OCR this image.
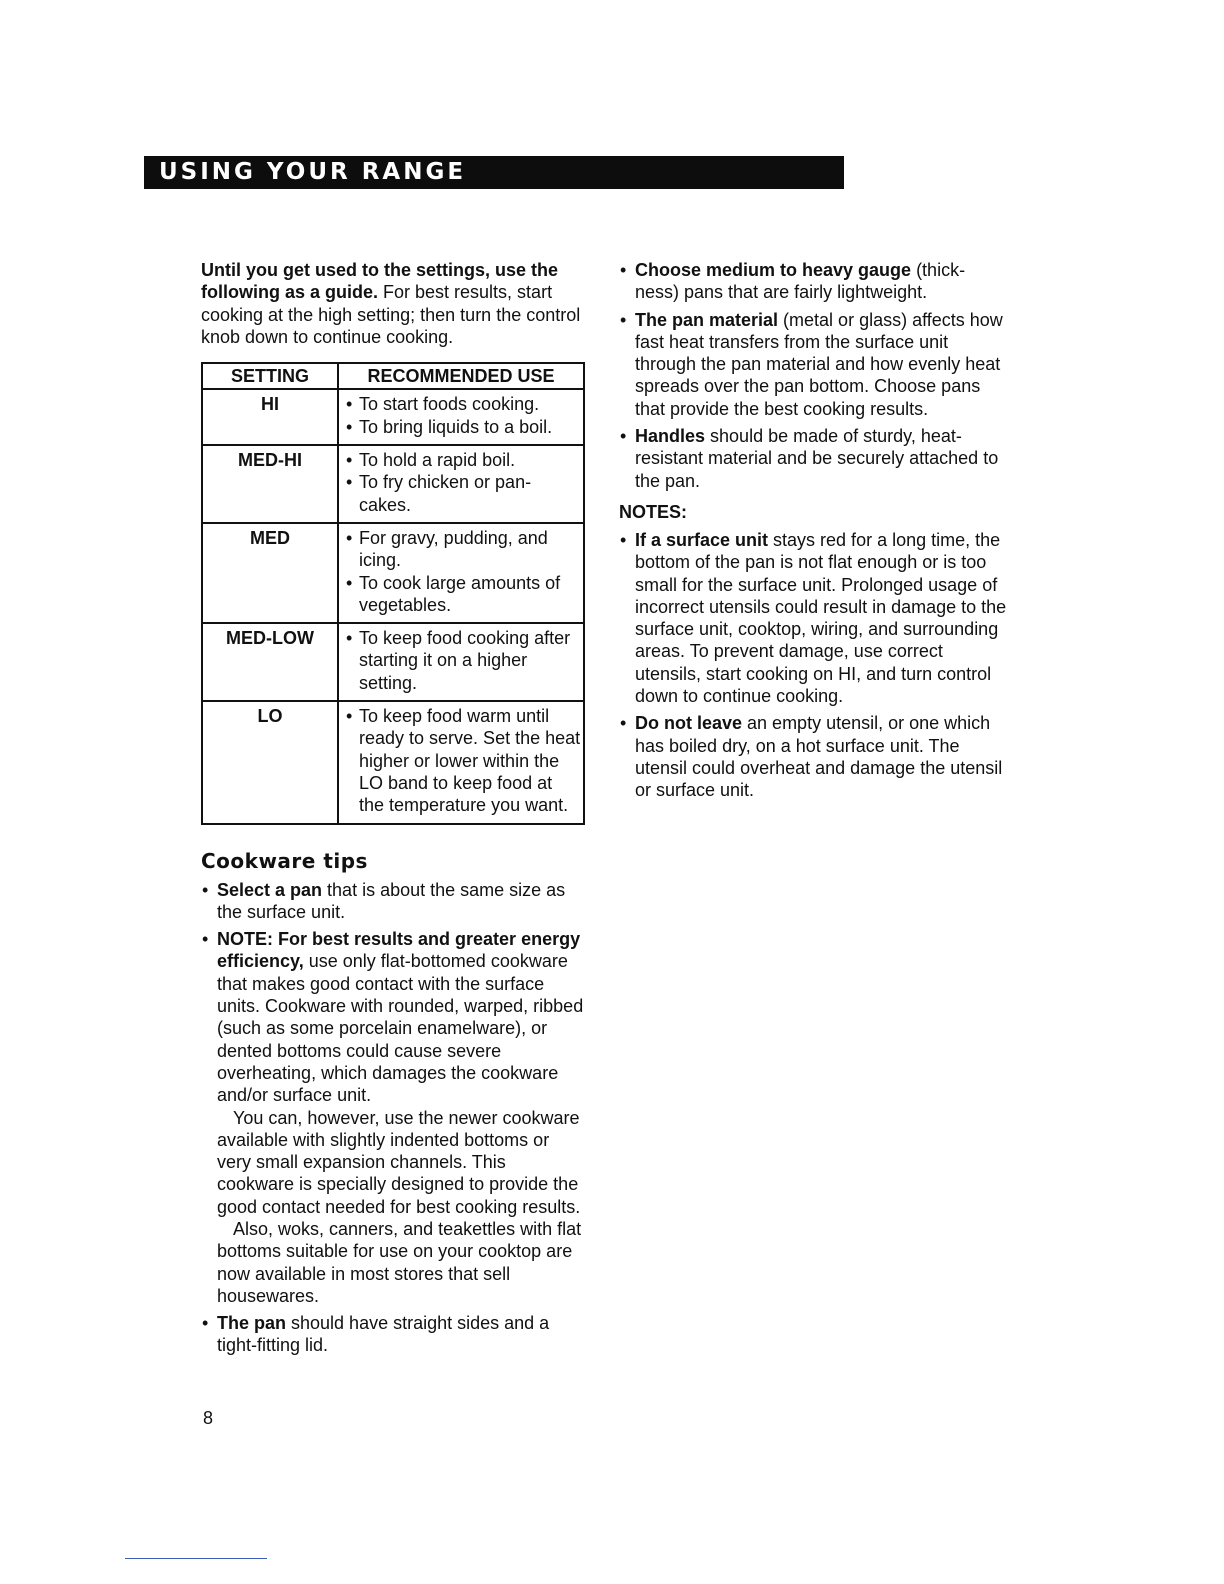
USING YOUR RANGE

Until you get used to the settings, use the following as a guide. For best results, start cooking at the high setting; then turn the control knob down to continue cooking.

SETTING	RECOMMENDED USE
HI	• To start foods cooking.
• To bring liquids to a boil.

MED-HI	• To hold a rapid boil.
• To fry chicken or pan-cakes.

MED	• For gravy, pudding, and icing.
• To cook large amounts of vegetables.

MED-LOW	• To keep food cooking after starting it on a higher setting.

LO	• To keep food warm until ready to serve. Set the heat higher or lower within the LO band to keep food at the temperature you want.
Cookware tips
• Select a pan that is about the same size as the surface unit.

• NOTE: For best results and greater energy efficiency, use only flat-bottomed cookware that makes good contact with the surface units. Cookware with rounded, warped, ribbed (such as some porcelain enamelware), or dented bottoms could cause severe overheating, which damages the cookware and/or surface unit.

You can, however, use the newer cookware available with slightly indented bottoms or very small expansion channels. This cookware is specially designed to provide the good contact needed for best cooking results.

Also, woks, canners, and teakettles with flat bottoms suitable for use on your cooktop are now available in most stores that sell housewares.

• The pan should have straight sides and a tight-fitting lid.
• Choose medium to heavy gauge (thick-ness) pans that are fairly lightweight.
• The pan material (metal or glass) affects how fast heat transfers from the surface unit through the pan material and how evenly heat spreads over the pan bottom. Choose pans that provide the best cooking results.
• Handles should be made of sturdy, heat-resistant material and be securely attached to the pan.
NOTES:
• If a surface unit stays red for a long time, the bottom of the pan is not flat enough or is too small for the surface unit. Prolonged usage of incorrect utensils could result in damage to the surface unit, cooktop, wiring, and surrounding areas. To prevent damage, use correct utensils, start cooking on HI, and turn control down to continue cooking.
• Do not leave an empty utensil, or one which has boiled dry, on a hot surface unit. The utensil could overheat and damage the utensil or surface unit.
8
